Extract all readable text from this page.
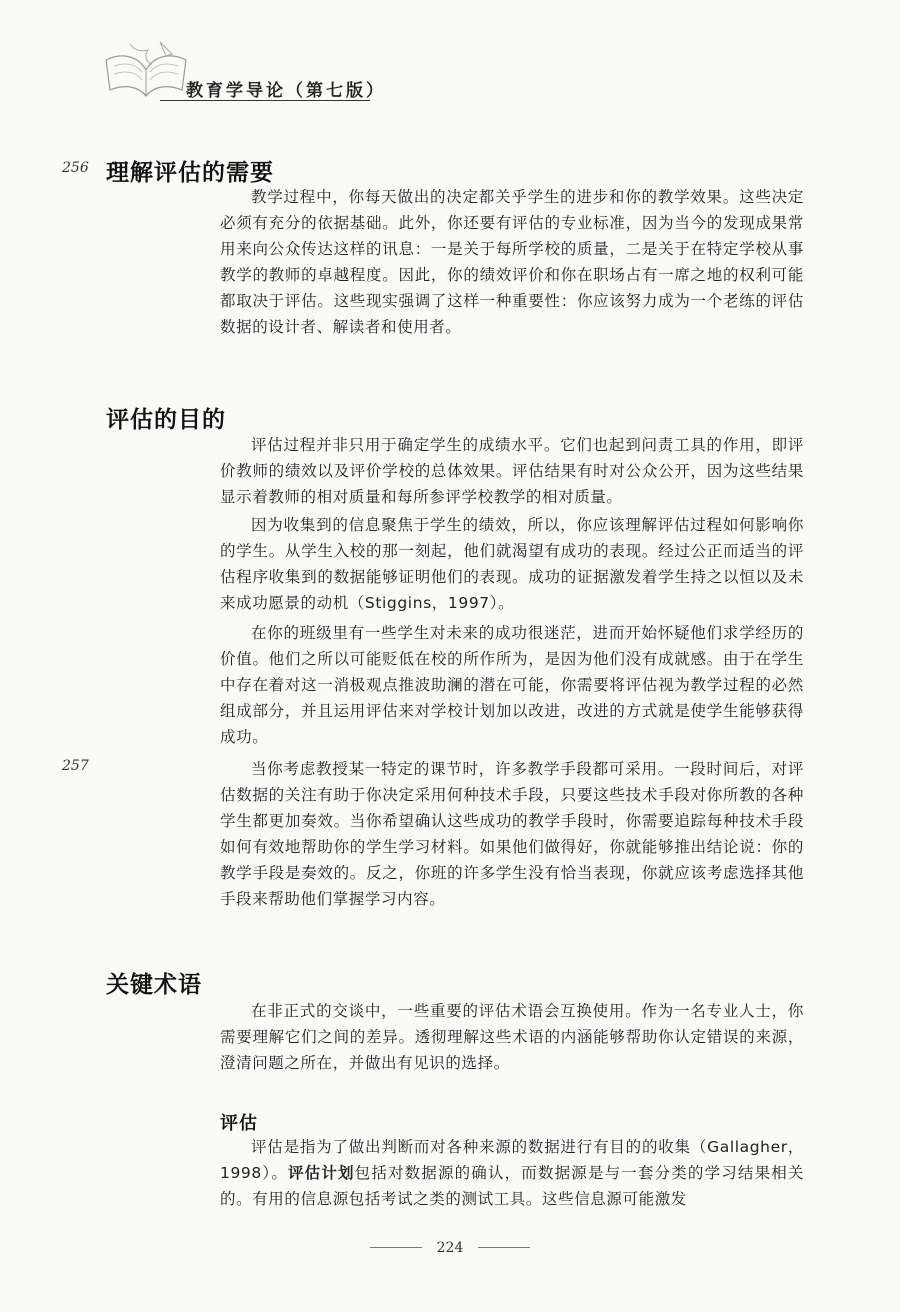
教育学导论（第七版）
256
257
理解评估的需要
教学过程中，你每天做出的决定都关乎学生的进步和你的教学效果。这些决定必须有充分的依据基础。此外，你还要有评估的专业标准，因为当今的发现成果常用来向公众传达这样的讯息：一是关于每所学校的质量，二是关于在特定学校从事教学的教师的卓越程度。因此，你的绩效评价和你在职场占有一席之地的权利可能都取决于评估。这些现实强调了这样一种重要性：你应该努力成为一个老练的评估数据的设计者、解读者和使用者。
评估的目的
评估过程并非只用于确定学生的成绩水平。它们也起到问责工具的作用，即评价教师的绩效以及评价学校的总体效果。评估结果有时对公众公开，因为这些结果显示着教师的相对质量和每所参评学校教学的相对质量。
因为收集到的信息聚焦于学生的绩效，所以，你应该理解评估过程如何影响你的学生。从学生入校的那一刻起，他们就渴望有成功的表现。经过公正而适当的评估程序收集到的数据能够证明他们的表现。成功的证据激发着学生持之以恒以及未来成功愿景的动机（Stiggins，1997）。
在你的班级里有一些学生对未来的成功很迷茫，进而开始怀疑他们求学经历的价值。他们之所以可能贬低在校的所作所为，是因为他们没有成就感。由于在学生中存在着对这一消极观点推波助澜的潜在可能，你需要将评估视为教学过程的必然组成部分，并且运用评估来对学校计划加以改进，改进的方式就是使学生能够获得成功。
当你考虑教授某一特定的课节时，许多教学手段都可采用。一段时间后，对评估数据的关注有助于你决定采用何种技术手段，只要这些技术手段对你所教的各种学生都更加奏效。当你希望确认这些成功的教学手段时，你需要追踪每种技术手段如何有效地帮助你的学生学习材料。如果他们做得好，你就能够推出结论说：你的教学手段是奏效的。反之，你班的许多学生没有恰当表现，你就应该考虑选择其他手段来帮助他们掌握学习内容。
关键术语
在非正式的交谈中，一些重要的评估术语会互换使用。作为一名专业人士，你需要理解它们之间的差异。透彻理解这些术语的内涵能够帮助你认定错误的来源，澄清问题之所在，并做出有见识的选择。
评估
评估是指为了做出判断而对各种来源的数据进行有目的的收集（Gallagher，1998）。评估计划包括对数据源的确认，而数据源是与一套分类的学习结果相关的。有用的信息源包括考试之类的测试工具。这些信息源可能激发
224
